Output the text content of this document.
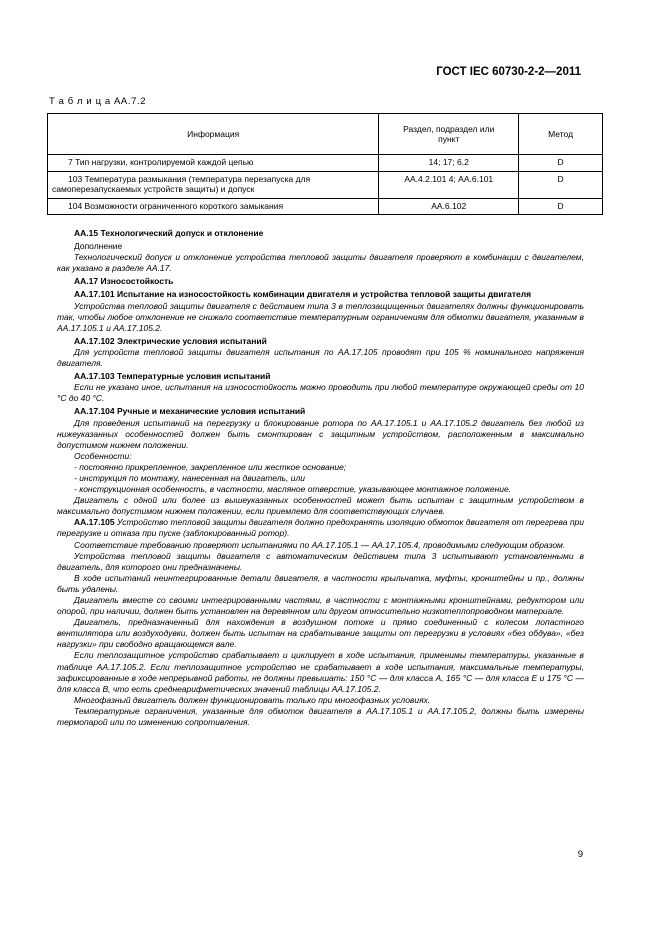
ГОСТ IEC 60730-2-2—2011
Т а б л и ц а АА.7.2
Информация	Раздел, подраздел или пункт	Метод
7 Тип нагрузки, контролируемой каждой цепью	14; 17; 6.2	D
103 Температура размыкания (температура перезапуска для самоперезапускаемых устройств защиты) и допуск	АА.4.2.101 4; АА.6.101	D
104 Возможности ограниченного короткого замыкания	АА.6.102	D

АА.15 Технологический допуск и отклонение

Дополнение

Технологический допуск и отклонение устройства тепловой защиты двигателя проверяют в комбинации с двигателем, как указано в разделе АА.17.

АА.17 Износостойкость

АА.17.101 Испытание на износостойкость комбинации двигателя и устройства тепловой защиты двигателя

Устройства тепловой защиты двигателя с действием типа 3 в теплозащищенных двигателях должны функционировать так, чтобы любое отклонение не снижало соответствие температурным ограничениям для обмотки двигателя, указанным в АА.17.105.1 и АА.17.105.2.

АА.17.102 Электрические условия испытаний

Для устройств тепловой защиты двигателя испытания по АА.17.105 проводят при 105 % номинального напряжения двигателя.

АА.17.103 Температурные условия испытаний

Если не указано иное, испытания на износостойкость можно проводить при любой температуре окружающей среды от 10 °С до 40 °С.

АА.17.104 Ручные и механические условия испытаний

Для проведения испытаний на перегрузку и блокирование ротора по АА.17.105.1 и АА.17.105.2 двигатель без любой из нижеуказанных особенностей должен быть смонтирован с защитным устройством, расположенным в максимально допустимом нижнем положении.

Особенности:

- постоянно прикрепленное, закрепленное или жесткое основание;

- инструкция по монтажу, нанесенная на двигатель, или

- конструкционная особенность, в частности, масляное отверстие, указывающее монтажное положение.

Двигатель с одной или более из вышеуказанных особенностей может быть испытан с защитным устройством в максимально допустимом нижнем положении, если приемлемо для соответствующих случаев.

АА.17.105 Устройство тепловой защиты двигателя должно предохранять изоляцию обмоток двигателя от перегрева при перегрузке и отказа при пуске (заблокированный ротор).

Соответствие требованию проверяют испытаниями по АА.17.105.1 — АА.17.105.4, проводимыми следующим образом.

Устройства тепловой защиты двигателя с автоматическим действием типа 3 испытывают установленными в двигатель, для которого они предназначены.

В ходе испытаний неинтегрированные детали двигателя, в частности крыльчатка, муфты, кронштейны и пр., должны быть удалены.

Двигатель вместе со своими интегрированными частями, в частности с монтажными кронштейнами, редуктором или опорой, при наличии, должен быть установлен на деревянном или другом относительно низкотеплопроводном материале.

Двигатель, предназначенный для нахождения в воздушном потоке и прямо соединенный с колесом лопастного вентилятора или воздуходувки, должен быть испытан на срабатывание защиты от перегрузки в условиях «без обдува», «без нагрузки» при свободно вращающемся вале.

Если теплозащитное устройство срабатывает и циклирует в ходе испытания, применимы температуры, указанные в таблице АА.17.105.2. Если теплозащитное устройство не срабатывает в ходе испытания, максимальные температуры, зафиксированные в ходе непрерывной работы, не должны превышать: 150 °С — для класса А, 165 °С — для класса Е и 175 °С — для класса В, что есть среднеарифметических значений таблицы АА.17.105.2.

Многофазный двигатель должен функционировать только при многофазных условиях.

Температурные ограничения, указанные для обмоток двигателя в АА.17.105.1 и АА.17.105.2, должны быть измерены термопарой или по изменению сопротивления.

9
